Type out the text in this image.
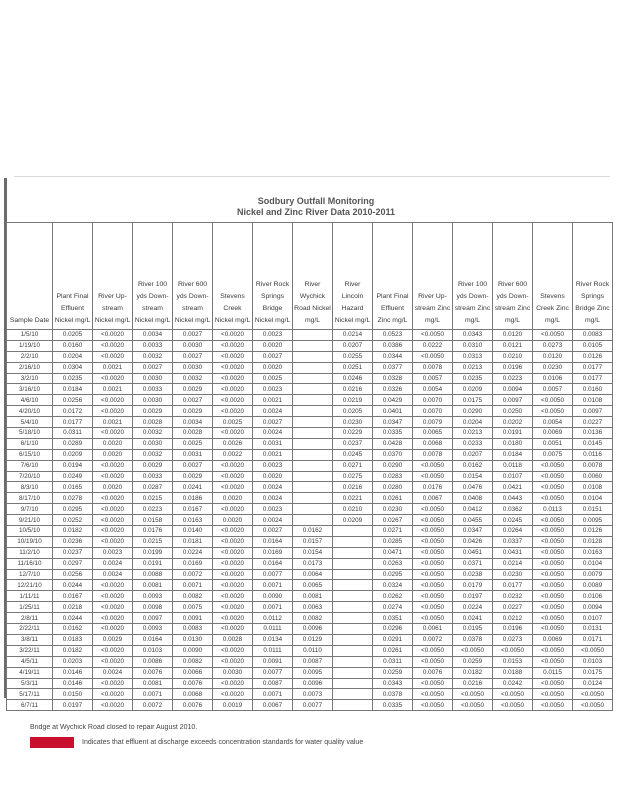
Sodbury Outfall Monitoring
Nickel and Zinc River Data 2010-2011
Sample Date	Plant Final Effluent Nickel mg/L	River Up-stream Nickel mg/L	River 100 yds Down-stream Nickel mg/L	River 600 yds Down-stream Nickel mg/L	Stevens Creek Nickel mg/L	River Rock Springs Bridge Nickel mg/L	River Wychick Road Nickel mg/L	River Lincoln Hazard Nickel mg/L	Plant Final Effluent Zinc mg/L	River Up-stream Zinc mg/L	River 100 yds Down-stream Zinc mg/L	River 600 yds Down-stream Zinc mg/L	Stevens Creek Zinc mg/L	River Rock Springs Bridge Zinc mg/L
1/5/10	0.0205	<0.0020	0.0034	0.0027	<0.0020	0.0023		0.0214	0.0523	<0.0050	0.0343	0.0120	<0.0050	0.0083
1/19/10	0.0160	<0.0020	0.0033	0.0030	<0.0020	0.0020		0.0207	0.0386	0.0222	0.0310	0.0121	0.0273	0.0105
2/2/10	0.0204	<0.0020	0.0032	0.0027	<0.0020	0.0027		0.0255	0.0344	<0.0050	0.0313	0.0210	0.0120	0.0126
2/16/10	0.0304	0.0021	0.0027	0.0030	<0.0020	0.0020		0.0251	0.0377	0.0078	0.0213	0.0196	0.0230	0.0177
3/2/10	0.0235	<0.0020	0.0030	0.0032	<0.0020	0.0025		0.0246	0.0328	0.0057	0.0235	0.0223	0.0106	0.0177
3/16/10	0.0184	0.0021	0.0033	0.0029	<0.0020	0.0023		0.0216	0.0326	0.0054	0.0209	0.0094	0.0057	0.0160
4/6/10	0.0256	<0.0020	0.0030	0.0027	<0.0020	0.0021		0.0219	0.0429	0.0070	0.0175	0.0097	<0.0050	0.0108
4/20/10	0.0172	<0.0020	0.0029	0.0029	<0.0020	0.0024		0.0205	0.0401	0.0070	0.0290	0.0250	<0.0050	0.0097
5/4/10	0.0177	0.0021	0.0028	0.0034	0.0025	0.0027		0.0230	0.0347	0.0079	0.0204	0.0202	0.0054	0.0227
5/18/10	0.0311	<0.0020	0.0032	0.0028	<0.0020	0.0024		0.0229	0.0335	0.0065	0.0213	0.0191	0.0069	0.0136
6/1/10	0.0289	0.0020	0.0030	0.0025	0.0026	0.0031		0.0237	0.0428	0.0068	0.0233	0.0180	0.0051	0.0145
6/15/10	0.0209	0.0020	0.0032	0.0031	0.0022	0.0021		0.0245	0.0370	0.0078	0.0207	0.0184	0.0075	0.0116
7/6/10	0.0194	<0.0020	0.0029	0.0027	<0.0020	0.0023		0.0271	0.0290	<0.0050	0.0162	0.0118	<0.0050	0.0078
7/20/10	0.0249	<0.0020	0.0033	0.0029	<0.0020	0.0020		0.0275	0.0283	<0.0050	0.0154	0.0107	<0.0050	0.0060
8/3/10	0.0165	0.0020	0.0287	0.0241	<0.0020	0.0024		0.0216	0.0280	0.0176	0.0476	0.0421	<0.0050	0.0108
8/17/10	0.0278	<0.0020	0.0215	0.0186	0.0020	0.0024		0.0221	0.0261	0.0067	0.0408	0.0443	<0.0050	0.0104
9/7/10	0.0295	<0.0020	0.0223	0.0167	<0.0020	0.0023		0.0210	0.0230	<0.0050	0.0412	0.0362	0.0113	0.0151
9/21/10	0.0252	<0.0020	0.0158	0.0163	0.0020	0.0024		0.0209	0.0267	<0.0050	0.0455	0.0245	<0.0050	0.0095
10/5/10	0.0182	<0.0020	0.0176	0.0140	<0.0020	0.0027	0.0162		0.0271	<0.0050	0.0347	0.0264	<0.0050	0.0126
10/19/10	0.0236	<0.0020	0.0215	0.0181	<0.0020	0.0164	0.0157		0.0285	<0.0050	0.0426	0.0337	<0.0050	0.0128
11/2/10	0.0237	0.0023	0.0199	0.0224	<0.0020	0.0169	0.0154		0.0471	<0.0050	0.0451	0.0431	<0.0050	0.0163
11/16/10	0.0297	0.0024	0.0191	0.0169	<0.0020	0.0164	0.0173		0.0263	<0.0050	0.0371	0.0214	<0.0050	0.0104
12/7/10	0.0256	0.0024	0.0088	0.0072	<0.0020	0.0077	0.0064		0.0295	<0.0050	0.0238	0.0230	<0.0050	0.0079
12/21/10	0.0244	<0.0020	0.0081	0.0071	<0.0020	0.0071	0.0065		0.0324	<0.0050	0.0179	0.0177	<0.0050	0.0089
1/11/11	0.0167	<0.0020	0.0093	0.0082	<0.0020	0.0090	0.0081		0.0262	<0.0050	0.0197	0.0232	<0.0050	0.0106
1/25/11	0.0218	<0.0020	0.0098	0.0075	<0.0020	0.0071	0.0063		0.0274	<0.0050	0.0224	0.0227	<0.0050	0.0094
2/8/11	0.0244	<0.0020	0.0097	0.0091	<0.0020	0.0112	0.0082		0.0351	<0.0050	0.0241	0.0212	<0.0050	0.0107
2/22/11	0.0162	<0.0020	0.0093	0.0083	<0.0020	0.0111	0.0096		0.0296	0.0061	0.0195	0.0196	<0.0050	0.0131
3/8/11	0.0183	0.0029	0.0164	0.0130	0.0028	0.0134	0.0129		0.0291	0.0072	0.0378	0.0273	0.0069	0.0171
3/22/11	0.0182	<0.0020	0.0103	0.0090	<0.0020	0.0111	0.0110		0.0261	<0.0050	<0.0050	<0.0050	<0.0050	<0.0050
4/5/11	0.0203	<0.0020	0.0086	0.0082	<0.0020	0.0091	0.0087		0.0311	<0.0050	0.0259	0.0153	<0.0050	0.0103
4/19/11	0.0146	0.0024	0.0076	0.0066	0.0030	0.0077	0.0095		0.0259	0.0076	0.0182	0.0188	0.0115	0.0175
5/3/11	0.0146	<0.0020	0.0081	0.0076	<0.0020	0.0087	0.0096		0.0343	<0.0050	0.0216	0.0242	<0.0050	0.0124
5/17/11	0.0150	<0.0020	0.0071	0.0068	<0.0020	0.0071	0.0073		0.0378	<0.0050	<0.0050	<0.0050	<0.0050	<0.0050
6/7/11	0.0197	<0.0020	0.0072	0.0076	0.0019	0.0067	0.0077		0.0335	<0.0050	<0.0050	<0.0050	<0.0050	<0.0050
Bridge at Wychick Road closed to repair August 2010.
Indicates that effluent at discharge exceeds concentration standards for water quality value
